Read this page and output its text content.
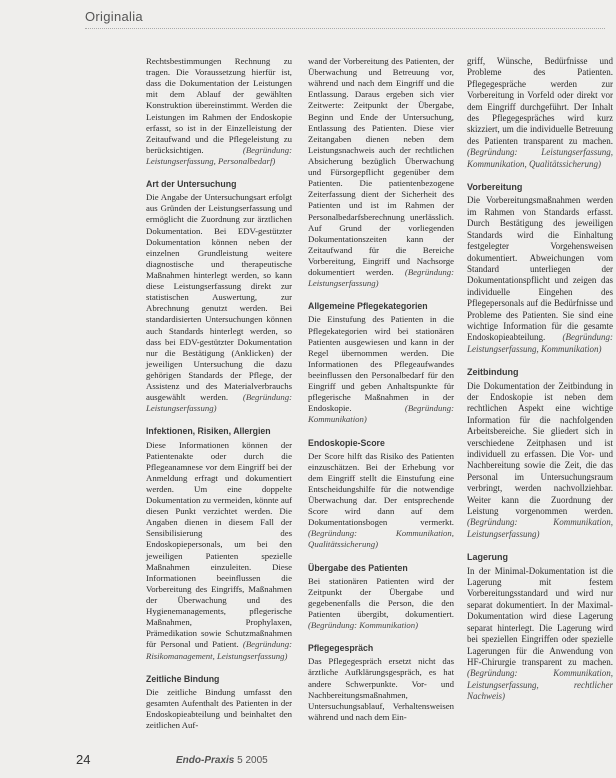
Originalia

Rechtsbestimmungen Rechnung zu tragen. Die Voraussetzung hierfür ist, dass die Dokumentation der Leistungen mit dem Ablauf der gewählten Konstruktion übereinstimmt. Werden die Leistungen im Rahmen der Endoskopie erfasst, so ist in der Einzelleistung der Zeitaufwand und die Pflegeleistung zu berücksichtigen.	(Begründung: Leistungserfassung, Personalbedarf)

Art der Untersuchung

Die Angabe der Untersuchungsart erfolgt aus Gründen der Leistungserfassung und ermöglicht die Zuordnung zur ärztlichen Dokumentation. Bei EDV-gestützter Dokumentation können neben der einzelnen Grundleistung weitere diagnostische und therapeutische Maßnahmen hinterlegt werden, so kann diese Leistungserfassung direkt zur statistischen Auswertung, zur Abrechnung genutzt werden. Bei standardisierten Untersuchungen können auch Standards hinterlegt werden, so dass bei EDV-gestützter Dokumentation nur die Bestätigung (Anklicken) der jeweiligen Untersuchung die dazu gehörigen Standards der Pflege, der Assistenz und des Materialverbrauchs ausgewählt werden. (Begründung: Leistungserfassung)

Infektionen, Risiken, Allergien

Diese Informationen können der Patientenakte oder durch die Pflegeanamnese vor dem Eingriff bei der Anmeldung erfragt und dokumentiert werden. Um eine doppelte Dokumentation zu vermeiden, könnte auf diesen Punkt verzichtet werden. Die Angaben dienen in diesem Fall der Sensibilisierung des Endoskopiepersonals, um bei den jeweiligen Patienten spezielle Maßnahmen einzuleiten. Diese Informationen beeinflussen die Vorbereitung des Eingriffs, Maßnahmen der Überwachung und des Hygienemanagements, pflegerische Maßnahmen, Prophylaxen, Prämedikation sowie Schutzmaßnahmen für Personal und Patient. (Begründung: Risikomanagement, Leistungserfassung)

Zeitliche Bindung

Die zeitliche Bindung umfasst den gesamten Aufenthalt des Patienten in der Endoskopieabteilung und beinhaltet den zeitlichen Auf-

wand der Vorbereitung des Patienten, der Überwachung und Betreuung vor, während und nach dem Eingriff und die Entlassung. Daraus ergeben sich vier Zeitwerte: Zeitpunkt der Übergabe, Beginn und Ende der Untersuchung, Entlassung des Patienten. Diese vier Zeitangaben dienen neben dem Leistungsnachweis auch der rechtlichen Absicherung bezüglich Überwachung und Fürsorgepflicht gegenüber dem Patienten. Die patientenbezogene Zeiterfassung dient der Sicherheit des Patienten und ist im Rahmen der Personalbedarfsberechnung unerlässlich. Auf Grund der vorliegenden Dokumentationszeiten kann der Zeitaufwand für die Bereiche Vorbereitung, Eingriff und Nachsorge dokumentiert werden. (Begründung: Leistungserfassung)

Allgemeine Pflegekategorien

Die Einstufung des Patienten in die Pflegekategorien wird bei stationären Patienten ausgewiesen und kann in der Regel übernommen werden. Die Informationen des Pflegeaufwandes beeinflussen den Personalbedarf für den Eingriff und geben Anhaltspunkte für pflegerische Maßnahmen in der Endoskopie.	(Begründung: Kommunikation)

Endoskopie-Score

Der Score hilft das Risiko des Patienten einzuschätzen. Bei der Erhebung vor dem Eingriff stellt die Einstufung eine Entscheidungshilfe für die notwendige Überwachung dar. Der entsprechende Score wird dann auf dem Dokumentationsbogen vermerkt. (Begründung: Kommunikation, Qualitätssicherung)

Übergabe des Patienten

Bei stationären Patienten wird der Zeitpunkt der Übergabe und gegebenenfalls die Person, die den Patienten übergibt, dokumentiert. (Begründung: Kommunikation)

Pflegegespräch

Das Pflegegespräch ersetzt nicht das ärztliche Aufklärungsgespräch, es hat andere Schwerpunkte. Vor- und Nachbereitungsmaßnahmen, Untersuchungsablauf, Verhaltensweisen während und nach dem Ein-

griff, Wünsche, Bedürfnisse und Probleme des Patienten. Pflegegespräche werden zur Vorbereitung in Vorfeld oder direkt vor dem Eingriff durchgeführt. Der Inhalt des Pflegegespräches wird kurz skizziert, um die individuelle Betreuung des Patienten transparent zu machen. (Begründung: Leistungserfassung, Kommunikation, Qualitätssicherung)

Vorbereitung

Die Vorbereitungsmaßnahmen werden im Rahmen von Standards erfasst. Durch Bestätigung des jeweiligen Standards wird die Einhaltung festgelegter Vorgehensweisen dokumentiert. Abweichungen vom Standard unterliegen der Dokumentationspflicht und zeigen das individuelle Eingehen des Pflegepersonals auf die Bedürfnisse und Probleme des Patienten. Sie sind eine wichtige Information für die gesamte Endoskopieabteilung. (Begründung: Leistungserfassung, Kommunikation)

Zeitbindung

Die Dokumentation der Zeitbindung in der Endoskopie ist neben dem rechtlichen Aspekt eine wichtige Information für die nachfolgenden Arbeitsbereiche. Sie gliedert sich in verschiedene Zeitphasen und ist individuell zu erfassen. Die Vor- und Nachbereitung sowie die Zeit, die das Personal im Untersuchungsraum verbringt, werden nachvollziehbar. Weiter kann die Zuordnung der Leistung vorgenommen werden. (Begründung: Kommunikation, Leistungserfassung)

Lagerung

In der Minimal-Dokumentation ist die Lagerung mit festem Vorbereitungsstandard und wird nur separat dokumentiert. In der Maximal-Dokumentation wird diese Lagerung separat hinterlegt. Die Lagerung wird bei speziellen Eingriffen oder spezielle Lagerungen für die Anwendung von HF-Chirurgie transparent zu machen. (Begründung: Kommunikation, Leistungserfassung, rechtlicher Nachweis)

24	Endo-Praxis 5 2005
